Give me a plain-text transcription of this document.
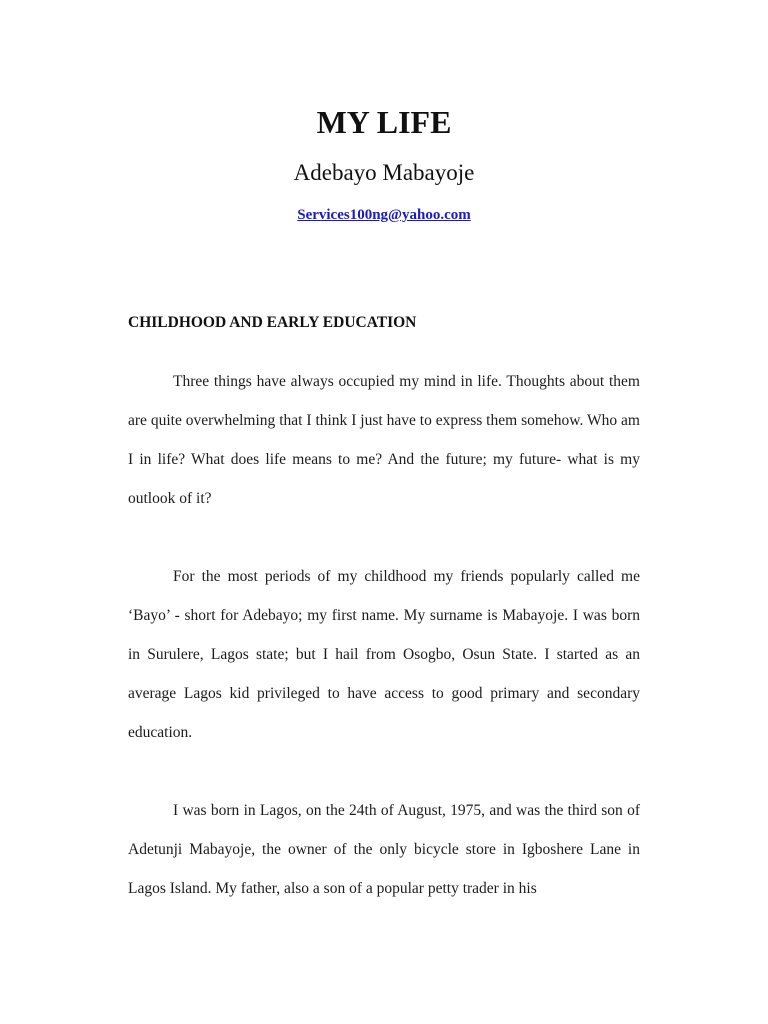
MY LIFE

Adebayo Mabayoje

Services100ng@yahoo.com

CHILDHOOD AND EARLY EDUCATION

Three things have always occupied my mind in life. Thoughts about them are quite overwhelming that I think I just have to express them somehow. Who am I in life? What does life means to me? And the future; my future- what is my outlook of it?

For the most periods of my childhood my friends popularly called me ‘Bayo’ - short for Adebayo; my first name. My surname is Mabayoje. I was born in Surulere, Lagos state; but I hail from Osogbo, Osun State. I started as an average Lagos kid privileged to have access to good primary and secondary education.

I was born in Lagos, on the 24th of August, 1975, and was the third son of Adetunji Mabayoje, the owner of the only bicycle store in Igboshere Lane in Lagos Island. My father, also a son of a popular petty trader in his
